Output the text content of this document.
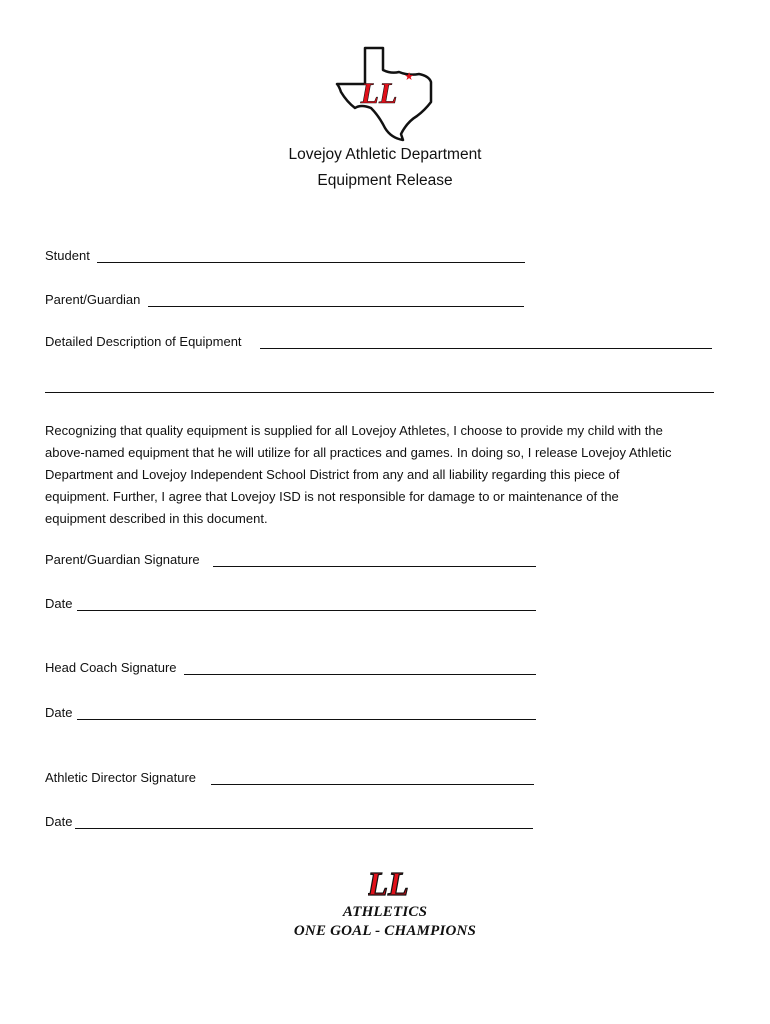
LL ★
Lovejoy Athletic Department
Equipment Release
Student
Parent/Guardian
Detailed Description of Equipment
Recognizing that quality equipment is supplied for all Lovejoy Athletes, I choose to provide my child with the
above-named equipment that he will utilize for all practices and games. In doing so, I release Lovejoy Athletic
Department and Lovejoy Independent School District from any and all liability regarding this piece of
equipment. Further, I agree that Lovejoy ISD is not responsible for damage to or maintenance of the
equipment described in this document.
Parent/Guardian Signature
Date
Head Coach Signature
Date
Athletic Director Signature
Date
LL
ATHLETICS
ONE GOAL - CHAMPIONS
